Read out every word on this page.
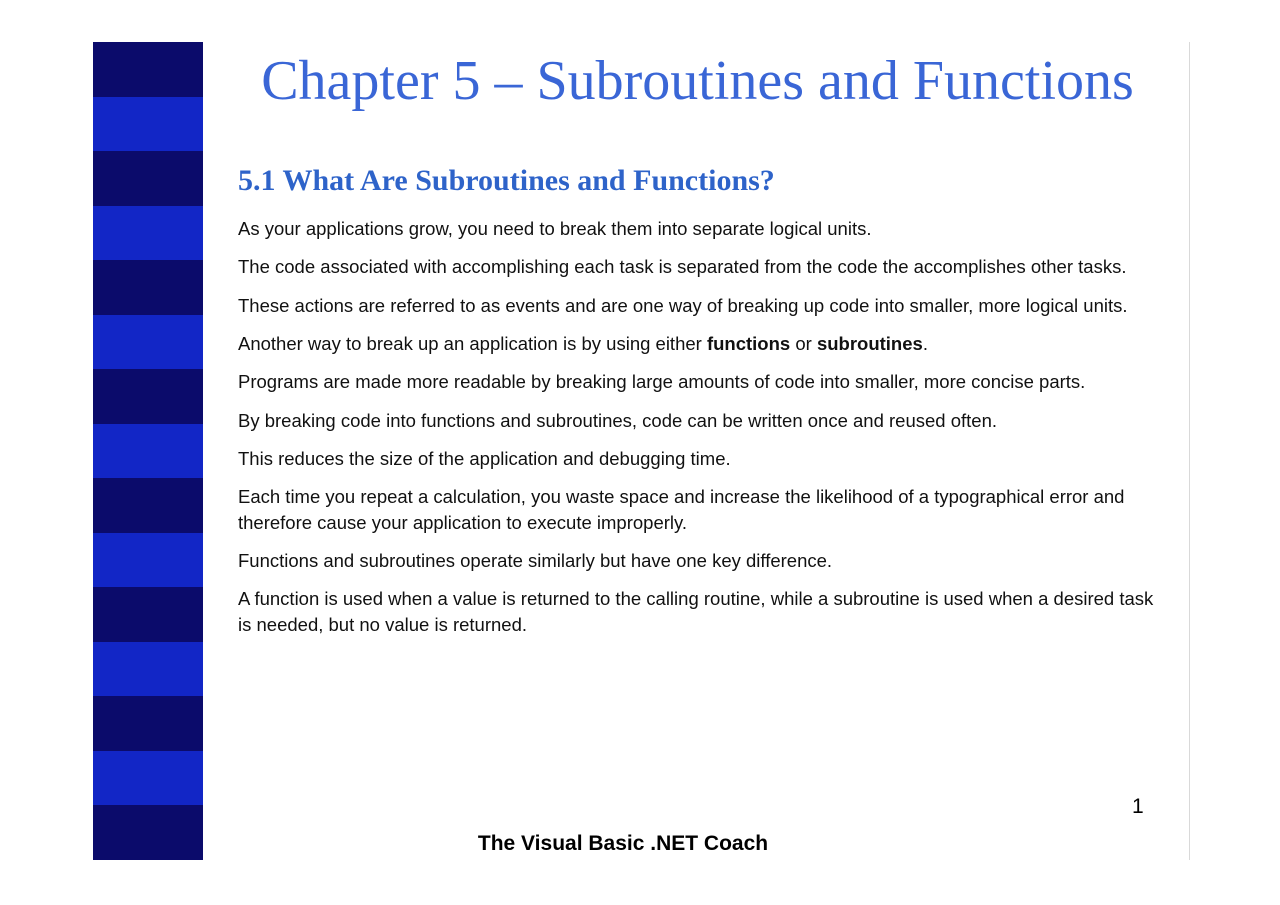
Chapter 5 – Subroutines and Functions
5.1 What Are Subroutines and Functions?

As your applications grow, you need to break them into separate logical units.

The code associated with accomplishing each task is separated from the code the accomplishes other tasks.

These actions are referred to as events and are one way of breaking up code into smaller, more logical units.

Another way to break up an application is by using either functions or subroutines.

Programs are made more readable by breaking large amounts of code into smaller, more concise parts.

By breaking code into functions and subroutines, code can be written once and reused often.

This reduces the size of the application and debugging time.

Each time you repeat a calculation, you waste space and increase the likelihood of a typographical error and therefore cause your application to execute improperly.

Functions and subroutines operate similarly but have one key difference.

A function is used when a value is returned to the calling routine, while a subroutine is used when a desired task is needed, but no value is returned.

1
The Visual Basic .NET Coach
